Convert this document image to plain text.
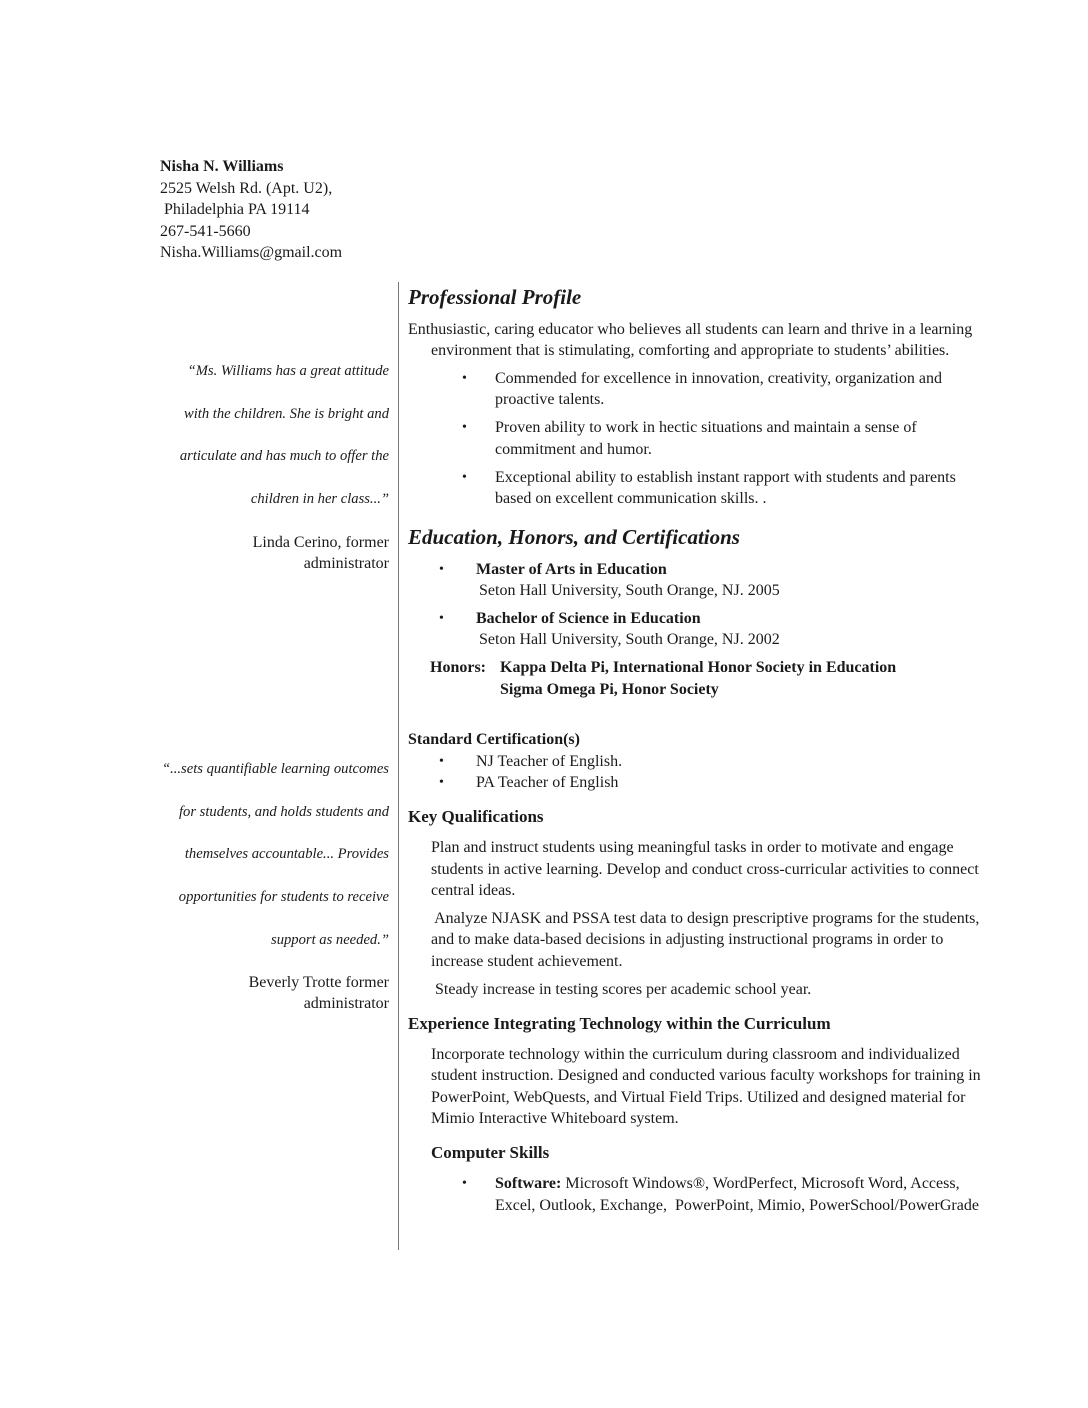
Nisha N. Williams
2525 Welsh Rd. (Apt. U2),
Philadelphia PA 19114
267-541-5660
Nisha.Williams@gmail.com
“Ms. Williams has a great attitude
with the children. She is bright and
articulate and has much to offer the
children in her class...”
Linda Cerino, former
administrator
“...sets quantifiable learning outcomes
for students, and holds students and
themselves accountable... Provides
opportunities for students to receive
support as needed.”
Beverly Trotte former
administrator
Professional Profile
Enthusiastic, caring educator who believes all students can learn and thrive in a learning
environment that is stimulating, comforting and appropriate to students’ abilities.
• Commended for excellence in innovation, creativity, organization and
proactive talents.
• Proven ability to work in hectic situations and maintain a sense of
commitment and humor.
• Exceptional ability to establish instant rapport with students and parents
based on excellent communication skills. .
Education, Honors, and Certifications
• Master of Arts in Education
Seton Hall University, South Orange, NJ. 2005
• Bachelor of Science in Education
Seton Hall University, South Orange, NJ. 2002
Honors: Kappa Delta Pi, International Honor Society in Education
Sigma Omega Pi, Honor Society
Standard Certification(s)
• NJ Teacher of English.
• PA Teacher of English
Key Qualifications
Plan and instruct students using meaningful tasks in order to motivate and engage
students in active learning. Develop and conduct cross-curricular activities to connect
central ideas.
Analyze NJASK and PSSA test data to design prescriptive programs for the students,
and to make data-based decisions in adjusting instructional programs in order to
increase student achievement.
Steady increase in testing scores per academic school year.
Experience Integrating Technology within the Curriculum
Incorporate technology within the curriculum during classroom and individualized
student instruction. Designed and conducted various faculty workshops for training in
PowerPoint, WebQuests, and Virtual Field Trips. Utilized and designed material for
Mimio Interactive Whiteboard system.
Computer Skills
• Software: Microsoft Windows®, WordPerfect, Microsoft Word, Access,
Excel, Outlook, Exchange,  PowerPoint, Mimio, PowerSchool/PowerGrade
